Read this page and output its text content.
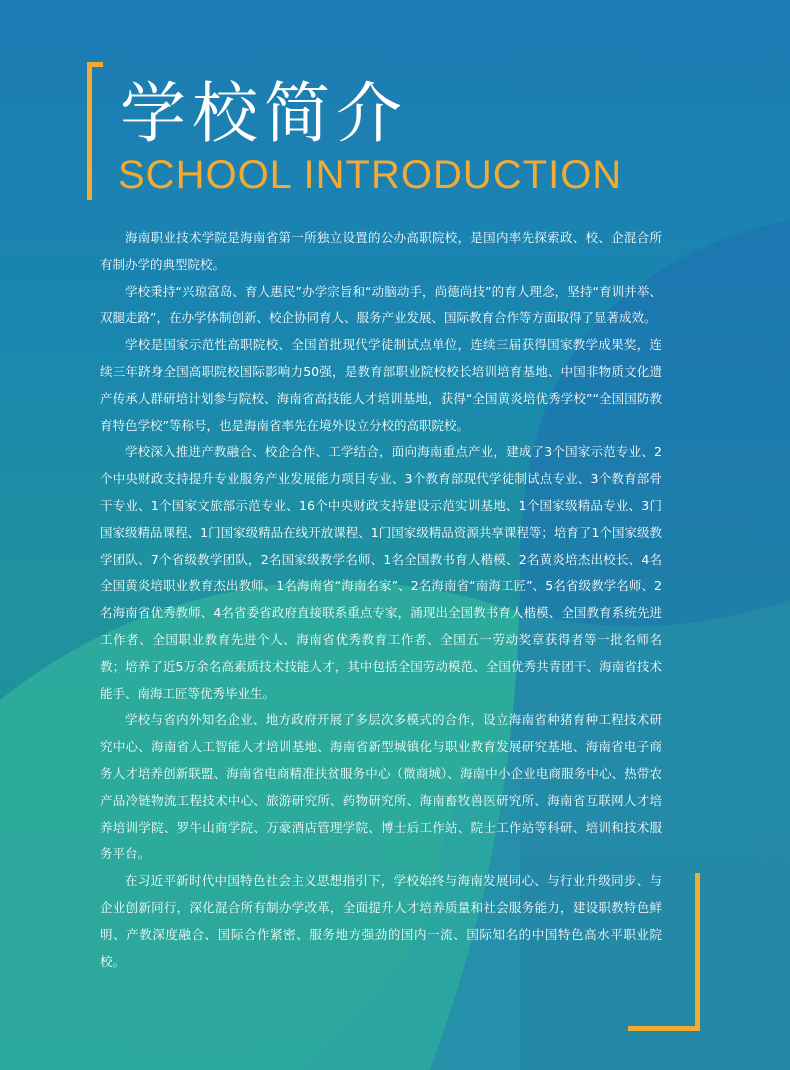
学校简介
SCHOOL INTRODUCTION

海南职业技术学院是海南省第一所独立设置的公办高职院校，是国内率先探索政、校、企混合所有制办学的典型院校。

学校秉持“兴琼富岛、育人惠民”办学宗旨和“动脑动手，尚德尚技”的育人理念，坚持“育训并举、双腿走路”，在办学体制创新、校企协同育人、服务产业发展、国际教育合作等方面取得了显著成效。

学校是国家示范性高职院校、全国首批现代学徒制试点单位，连续三届获得国家教学成果奖，连续三年跻身全国高职院校国际影响力50强，是教育部职业院校校长培训培育基地、中国非物质文化遗产传承人群研培计划参与院校、海南省高技能人才培训基地，获得“全国黄炎培优秀学校”“全国国防教育特色学校”等称号，也是海南省率先在境外设立分校的高职院校。

学校深入推进产教融合、校企合作、工学结合，面向海南重点产业，建成了3个国家示范专业、2个中央财政支持提升专业服务产业发展能力项目专业、3个教育部现代学徒制试点专业、3个教育部骨干专业、1个国家文旅部示范专业、16个中央财政支持建设示范实训基地、1个国家级精品专业、3门国家级精品课程、1门国家级精品在线开放课程、1门国家级精品资源共享课程等；培育了1个国家级教学团队、7个省级教学团队，2名国家级教学名师、1名全国教书育人楷模、2名黄炎培杰出校长、4名全国黄炎培职业教育杰出教师、1名海南省“海南名家”、2名海南省“南海工匠”、5名省级教学名师、2名海南省优秀教师、4名省委省政府直接联系重点专家，涌现出全国教书育人楷模、全国教育系统先进工作者、全国职业教育先进个人、海南省优秀教育工作者、全国五一劳动奖章获得者等一批名师名教；培养了近5万余名高素质技术技能人才，其中包括全国劳动模范、全国优秀共青团干、海南省技术能手、南海工匠等优秀毕业生。

学校与省内外知名企业、地方政府开展了多层次多模式的合作，设立海南省种猪育种工程技术研究中心、海南省人工智能人才培训基地、海南省新型城镇化与职业教育发展研究基地、海南省电子商务人才培养创新联盟、海南省电商精准扶贫服务中心（微商城）、海南中小企业电商服务中心、热带农产品冷链物流工程技术中心、旅游研究所、药物研究所、海南畜牧兽医研究所、海南省互联网人才培养培训学院、罗牛山商学院、万豪酒店管理学院、博士后工作站、院士工作站等科研、培训和技术服务平台。

在习近平新时代中国特色社会主义思想指引下，学校始终与海南发展同心、与行业升级同步、与企业创新同行，深化混合所有制办学改革，全面提升人才培养质量和社会服务能力，建设职教特色鲜明、产教深度融合、国际合作紧密、服务地方强劲的国内一流、国际知名的中国特色高水平职业院校。
